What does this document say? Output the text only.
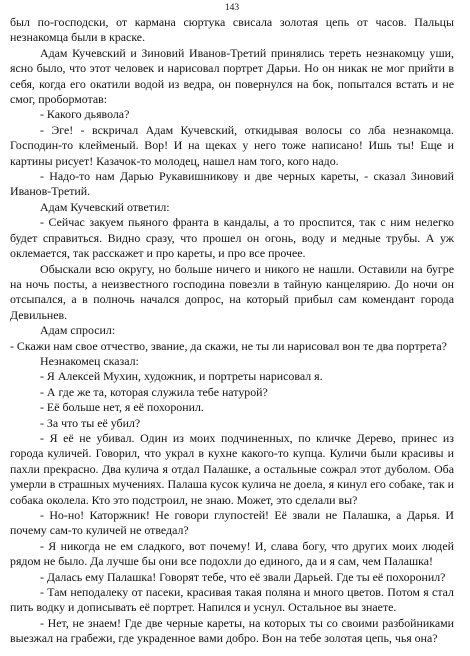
143

был по-господски, от кармана сюртука свисала золотая цепь от часов. Пальцы незнакомца были в краске.

Адам Кучевский и Зиновий Иванов-Третий принялись тереть незнакомцу уши, ясно было, что этот человек и нарисовал портрет Дарьи. Но он никак не мог прийти в себя, когда его окатили водой из ведра, он повернулся на бок, попытался встать и не смог, пробормотав:

- Какого дьявола?

- Эге! - вскричал Адам Кучевский, откидывая волосы со лба незнакомца. Господин-то клейменый. Вор! И на щеках у него тоже написано! Ишь ты! Еще и картины рисует! Казачок-то молодец, нашел нам того, кого надо.

- Надо-то нам Дарью Рукавишникову и две черных кареты, - сказал Зиновий Иванов-Третий.

Адам Кучевский ответил:

- Сейчас закуем пьяного франта в кандалы, а то проспится, так с ним нелегко будет справиться. Видно сразу, что прошел он огонь, воду и медные трубы. А уж оклемается, так расскажет и про кареты, и про все прочее.

Обыскали всю округу, но больше ничего и никого не нашли. Оставили на бугре на ночь посты, а неизвестного господина повезли в тайную канцелярию. До ночи он отсыпался, а в полночь начался допрос, на который прибыл сам комендант города Девильнев.

Адам спросил:

- Скажи нам свое отчество, звание, да скажи, не ты ли нарисовал вон те два портрета?

Незнакомец сказал:

- Я Алексей Мухин, художник, и портреты нарисовал я.

- А где же та, которая служила тебе натурой?

- Её больше нет, я её похоронил.

- За что ты её убил?

- Я её не убивал. Один из моих подчиненных, по кличке Дерево, принес из города куличей. Говорил, что украл в кухне какого-то купца. Куличи были красивы и пахли прекрасно. Два кулича я отдал Палашке, а остальные сожрал этот дуболом. Оба умерли в страшных мучениях. Палаша кусок кулича не доела, я кинул его собаке, так и собака околела. Кто это подстроил, не знаю. Может, это сделали вы?

- Но-но! Каторжник! Не говори глупостей! Её звали не Палашка, а Дарья. И почему сам-то куличей не отведал?

- Я никогда не ем сладкого, вот почему! И, слава богу, что других моих людей рядом не было. Да лучше бы они все подохли до единого, да и я сам, чем Палашка!

- Далась ему Палашка! Говорят тебе, что её звали Дарьей. Где ты её похоронил?

- Там неподалеку от пасеки, красивая такая поляна и много цветов. Потом я стал пить водку и дописывать её портрет. Напился и уснул. Остальное вы знаете.

- Нет, не знаем! Где две черные кареты, на которых ты со своими разбойниками выезжал на грабежи, где украденное вами добро. Вон на тебе золотая цепь, чья она?
